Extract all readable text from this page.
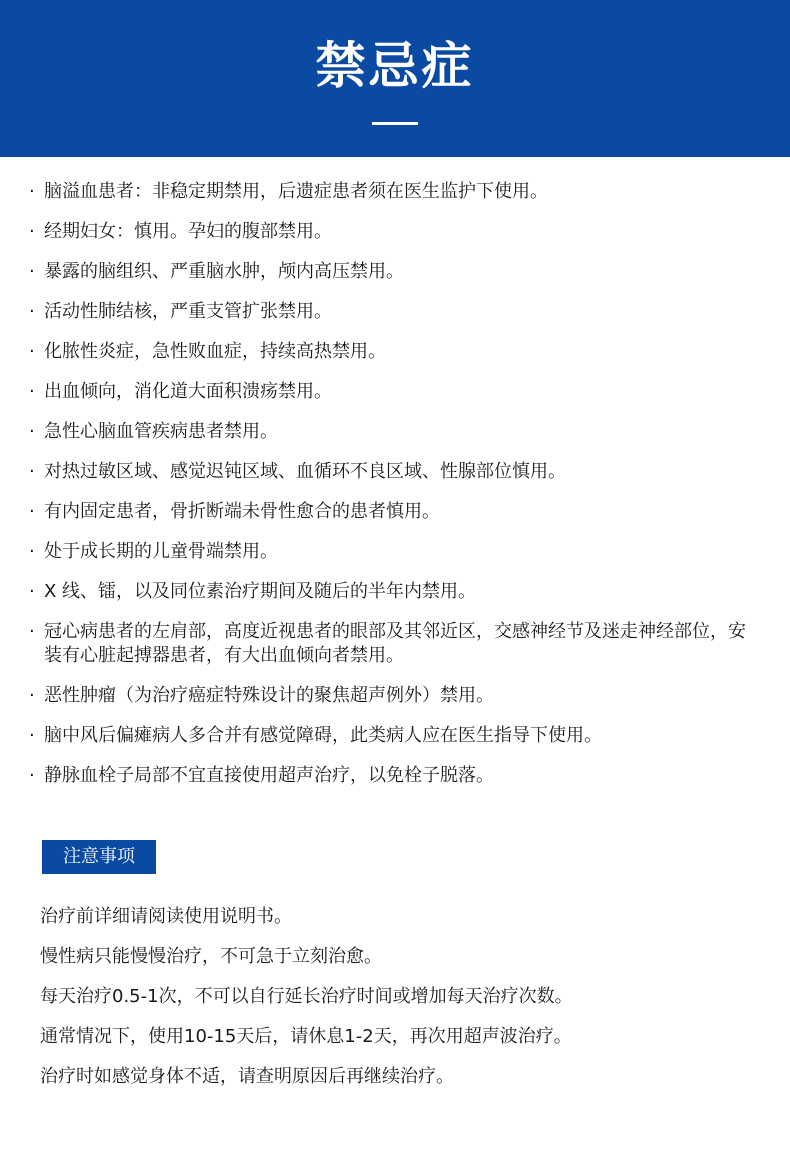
禁忌症
· 脑溢血患者：非稳定期禁用，后遗症患者须在医生监护下使用。
· 经期妇女：慎用。孕妇的腹部禁用。
· 暴露的脑组织、严重脑水肿，颅内高压禁用。
· 活动性肺结核，严重支管扩张禁用。
· 化脓性炎症，急性败血症，持续高热禁用。
· 出血倾向，消化道大面积溃疡禁用。
· 急性心脑血管疾病患者禁用。
· 对热过敏区域、感觉迟钝区域、血循环不良区域、性腺部位慎用。
· 有内固定患者，骨折断端未骨性愈合的患者慎用。
· 处于成长期的儿童骨端禁用。
· X 线、镭，以及同位素治疗期间及随后的半年内禁用。
· 冠心病患者的左肩部，高度近视患者的眼部及其邻近区，交感神经节及迷走神经部位，安装有心脏起搏器患者，有大出血倾向者禁用。
· 恶性肿瘤（为治疗癌症特殊设计的聚焦超声例外）禁用。
· 脑中风后偏瘫病人多合并有感觉障碍，此类病人应在医生指导下使用。
· 静脉血栓子局部不宜直接使用超声治疗，以免栓子脱落。
注意事项
治疗前详细请阅读使用说明书。
慢性病只能慢慢治疗，不可急于立刻治愈。
每天治疗0.5-1次，不可以自行延长治疗时间或增加每天治疗次数。
通常情况下，使用10-15天后，请休息1-2天，再次用超声波治疗。
治疗时如感觉身体不适，请查明原因后再继续治疗。
